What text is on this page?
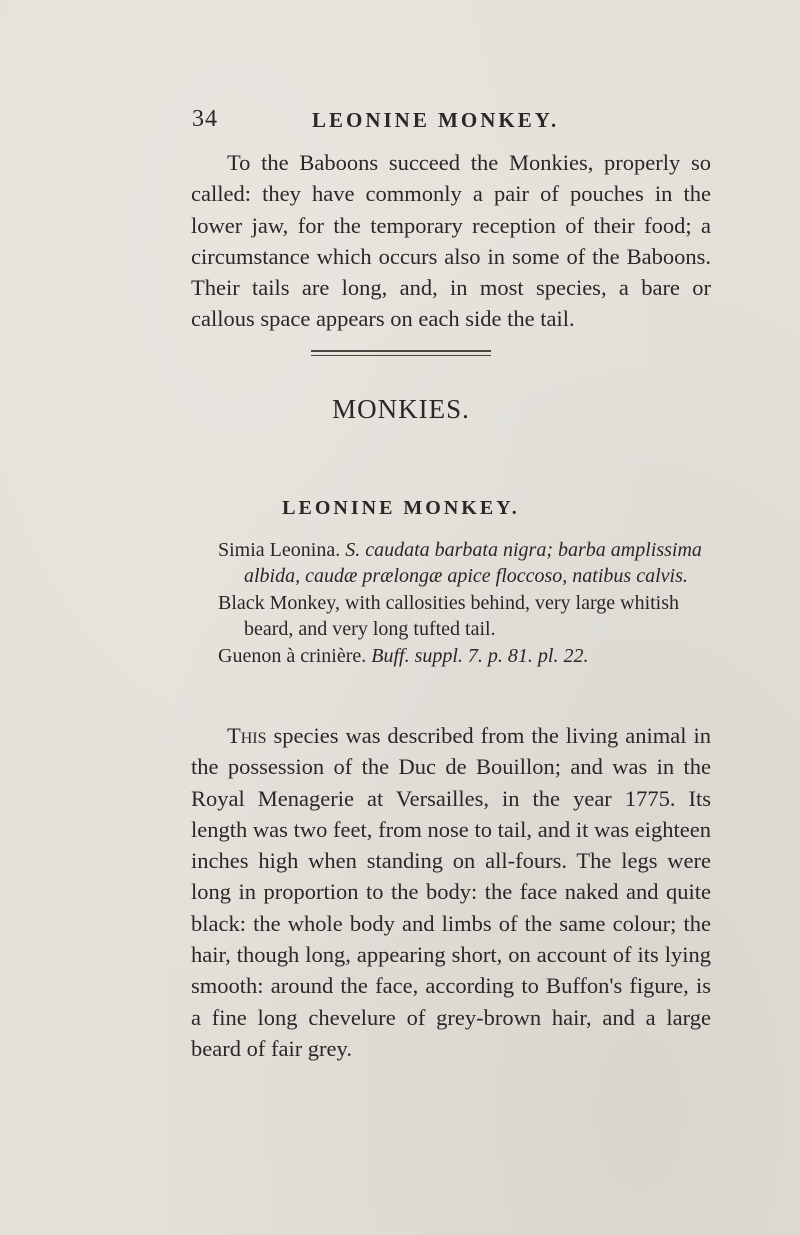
34	LEONINE MONKEY.

To the Baboons succeed the Monkies, properly so called: they have commonly a pair of pouches in the lower jaw, for the temporary reception of their food; a circumstance which occurs also in some of the Baboons. Their tails are long, and, in most species, a bare or callous space appears on each side the tail.

MONKIES.
LEONINE MONKEY.

Simia Leonina. S. caudata barbata nigra; barba amplissima albida, caudæ prælongæ apice floccoso, natibus calvis.

Black Monkey, with callosities behind, very large whitish beard, and very long tufted tail.

Guenon à crinière. Buff. suppl. 7. p. 81. pl. 22.

This species was described from the living animal in the possession of the Duc de Bouillon; and was in the Royal Menagerie at Versailles, in the year 1775. Its length was two feet, from nose to tail, and it was eighteen inches high when standing on all-fours. The legs were long in proportion to the body: the face naked and quite black: the whole body and limbs of the same colour; the hair, though long, appearing short, on account of its lying smooth: around the face, according to Buffon's figure, is a fine long chevelure of grey-brown hair, and a large beard of fair grey.
